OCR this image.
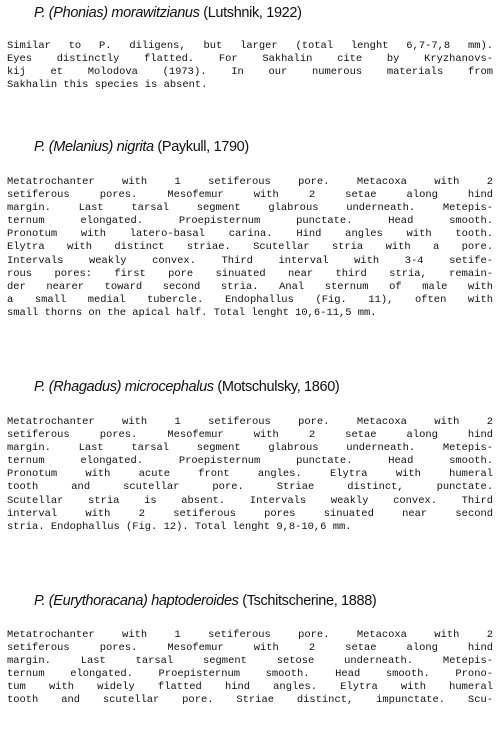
P. (Phonias) morawitzianus (Lutshnik, 1922)
Similar to P. diligens, but larger (total lenght 6,7-7,8 mm).
Eyes distinctly flatted. For Sakhalin cite by Kryzhanovs-
kij et Molodova (1973). In our numerous materials from
Sakhalin this species is absent.
P. (Melanius) nigrita (Paykull, 1790)
Metatrochanter with 1 setiferous pore. Metacoxa with 2
setiferous pores. Mesofemur with 2 setae along hind
margin. Last tarsal segment glabrous underneath. Metepis-
ternum elongated. Proepisternum punctate. Head smooth.
Pronotum with latero-basal carina. Hind angles with tooth.
Elytra with distinct striae. Scutellar stria with a pore.
Intervals weakly convex. Third interval with 3-4 setife-
rous pores: first pore sinuated near third stria, remain-
der nearer toward second stria. Anal sternum of male with
a small medial tubercle. Endophallus (Fig. 11), often with
small thorns on the apical half. Total lenght 10,6-11,5 mm.
P. (Rhagadus) microcephalus (Motschulsky, 1860)
Metatrochanter with 1 setiferous pore. Metacoxa with 2
setiferous pores. Mesofemur with 2 setae along hind
margin. Last tarsal segment glabrous underneath. Metepis-
ternum elongated. Proepisternum punctate. Head smooth.
Pronotum with acute front angles. Elytra with humeral
tooth and scutellar pore. Striae distinct, punctate.
Scutellar stria is absent. Intervals weakly convex. Third
interval with 2 setiferous pores sinuated near second
stria. Endophallus (Fig. 12). Total lenght 9,8-10,6 mm.
P. (Eurythoracana) haptoderoides (Tschitscherine, 1888)
Metatrochanter with 1 setiferous pore. Metacoxa with 2
setiferous pores. Mesofemur with 2 setae along hind
margin. Last tarsal segment setose underneath. Metepis-
ternum elongated. Proepisternum smooth. Head smooth. Prono-
tum with widely flatted hind angles. Elytra with humeral
tooth and scutellar pore. Striae distinct, impunctate. Scu-
